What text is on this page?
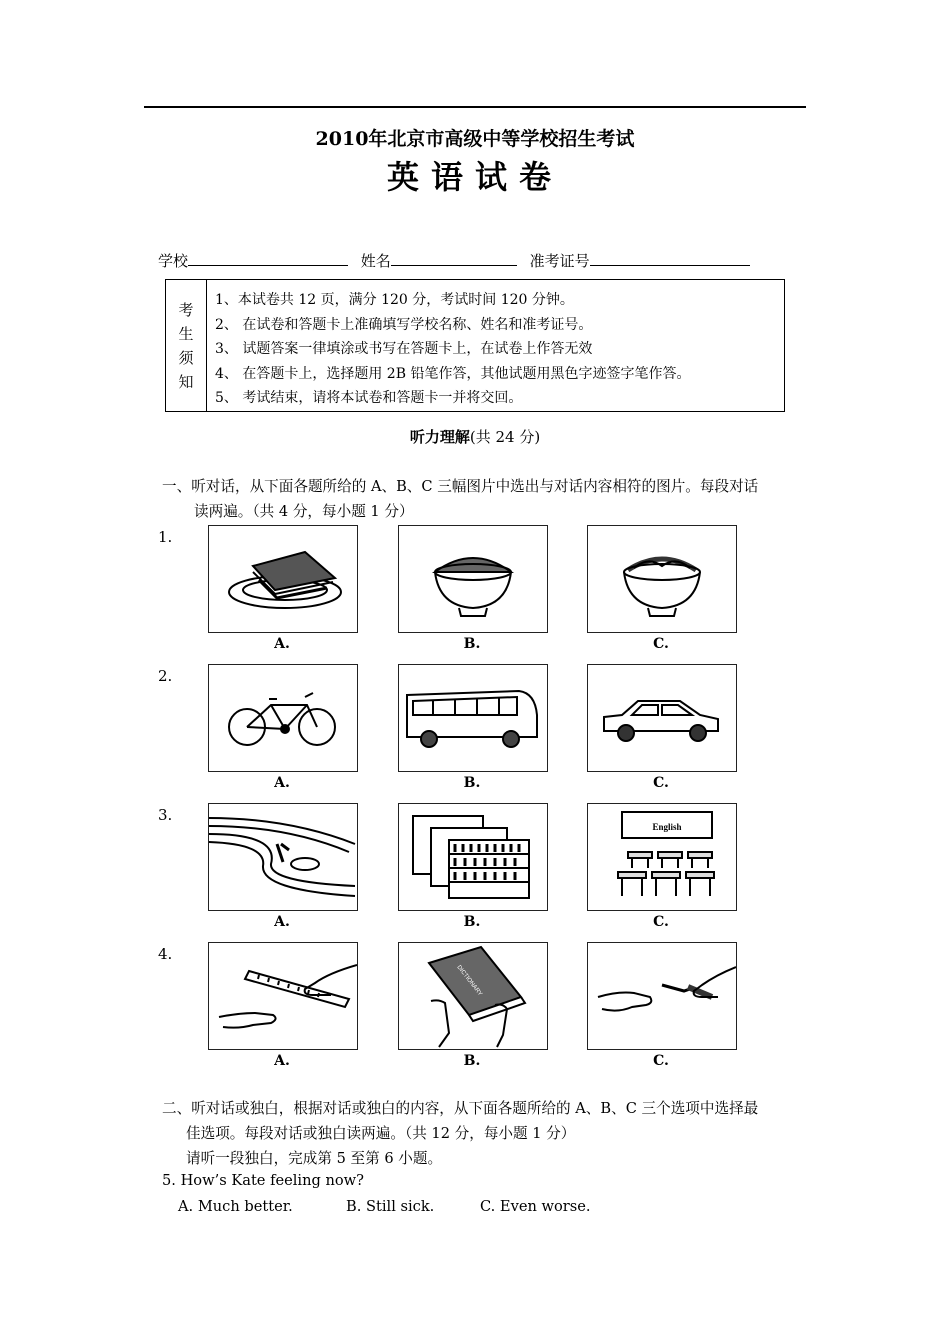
2010年北京市高级中等学校招生考试
英语试卷
学校	姓名	准考证号
考
生
须
知
1、本试卷共 12 页，满分 120 分，考试时间 120 分钟。
2、 在试卷和答题卡上准确填写学校名称、姓名和准考证号。
3、 试题答案一律填涂或书写在答题卡上，在试卷上作答无效
4、 在答题卡上，选择题用 2B 铅笔作答，其他试题用黑色字迹签字笔作答。
5、 考试结束，请将本试卷和答题卡一并将交回。
听力理解(共 24 分)
一、听对话，从下面各题所给的 A、B、C 三幅图片中选出与对话内容相符的图片。每段对话
读两遍。（共 4 分，每小题 1 分）
1.
A.	B.	C.
2.
A.	B.	C.
3.
A.	B.
English
C.
4.
A.
DICTIONARY
B.	C.
二、听对话或独白，根据对话或独白的内容，从下面各题所给的 A、B、C 三个选项中选择最
佳选项。每段对话或独白读两遍。（共 12 分，每小题 1 分）
请听一段独白，完成第 5 至第 6 小题。
5. How’s Kate feeling now?
A. Much better.	B. Still sick.	C. Even worse.
